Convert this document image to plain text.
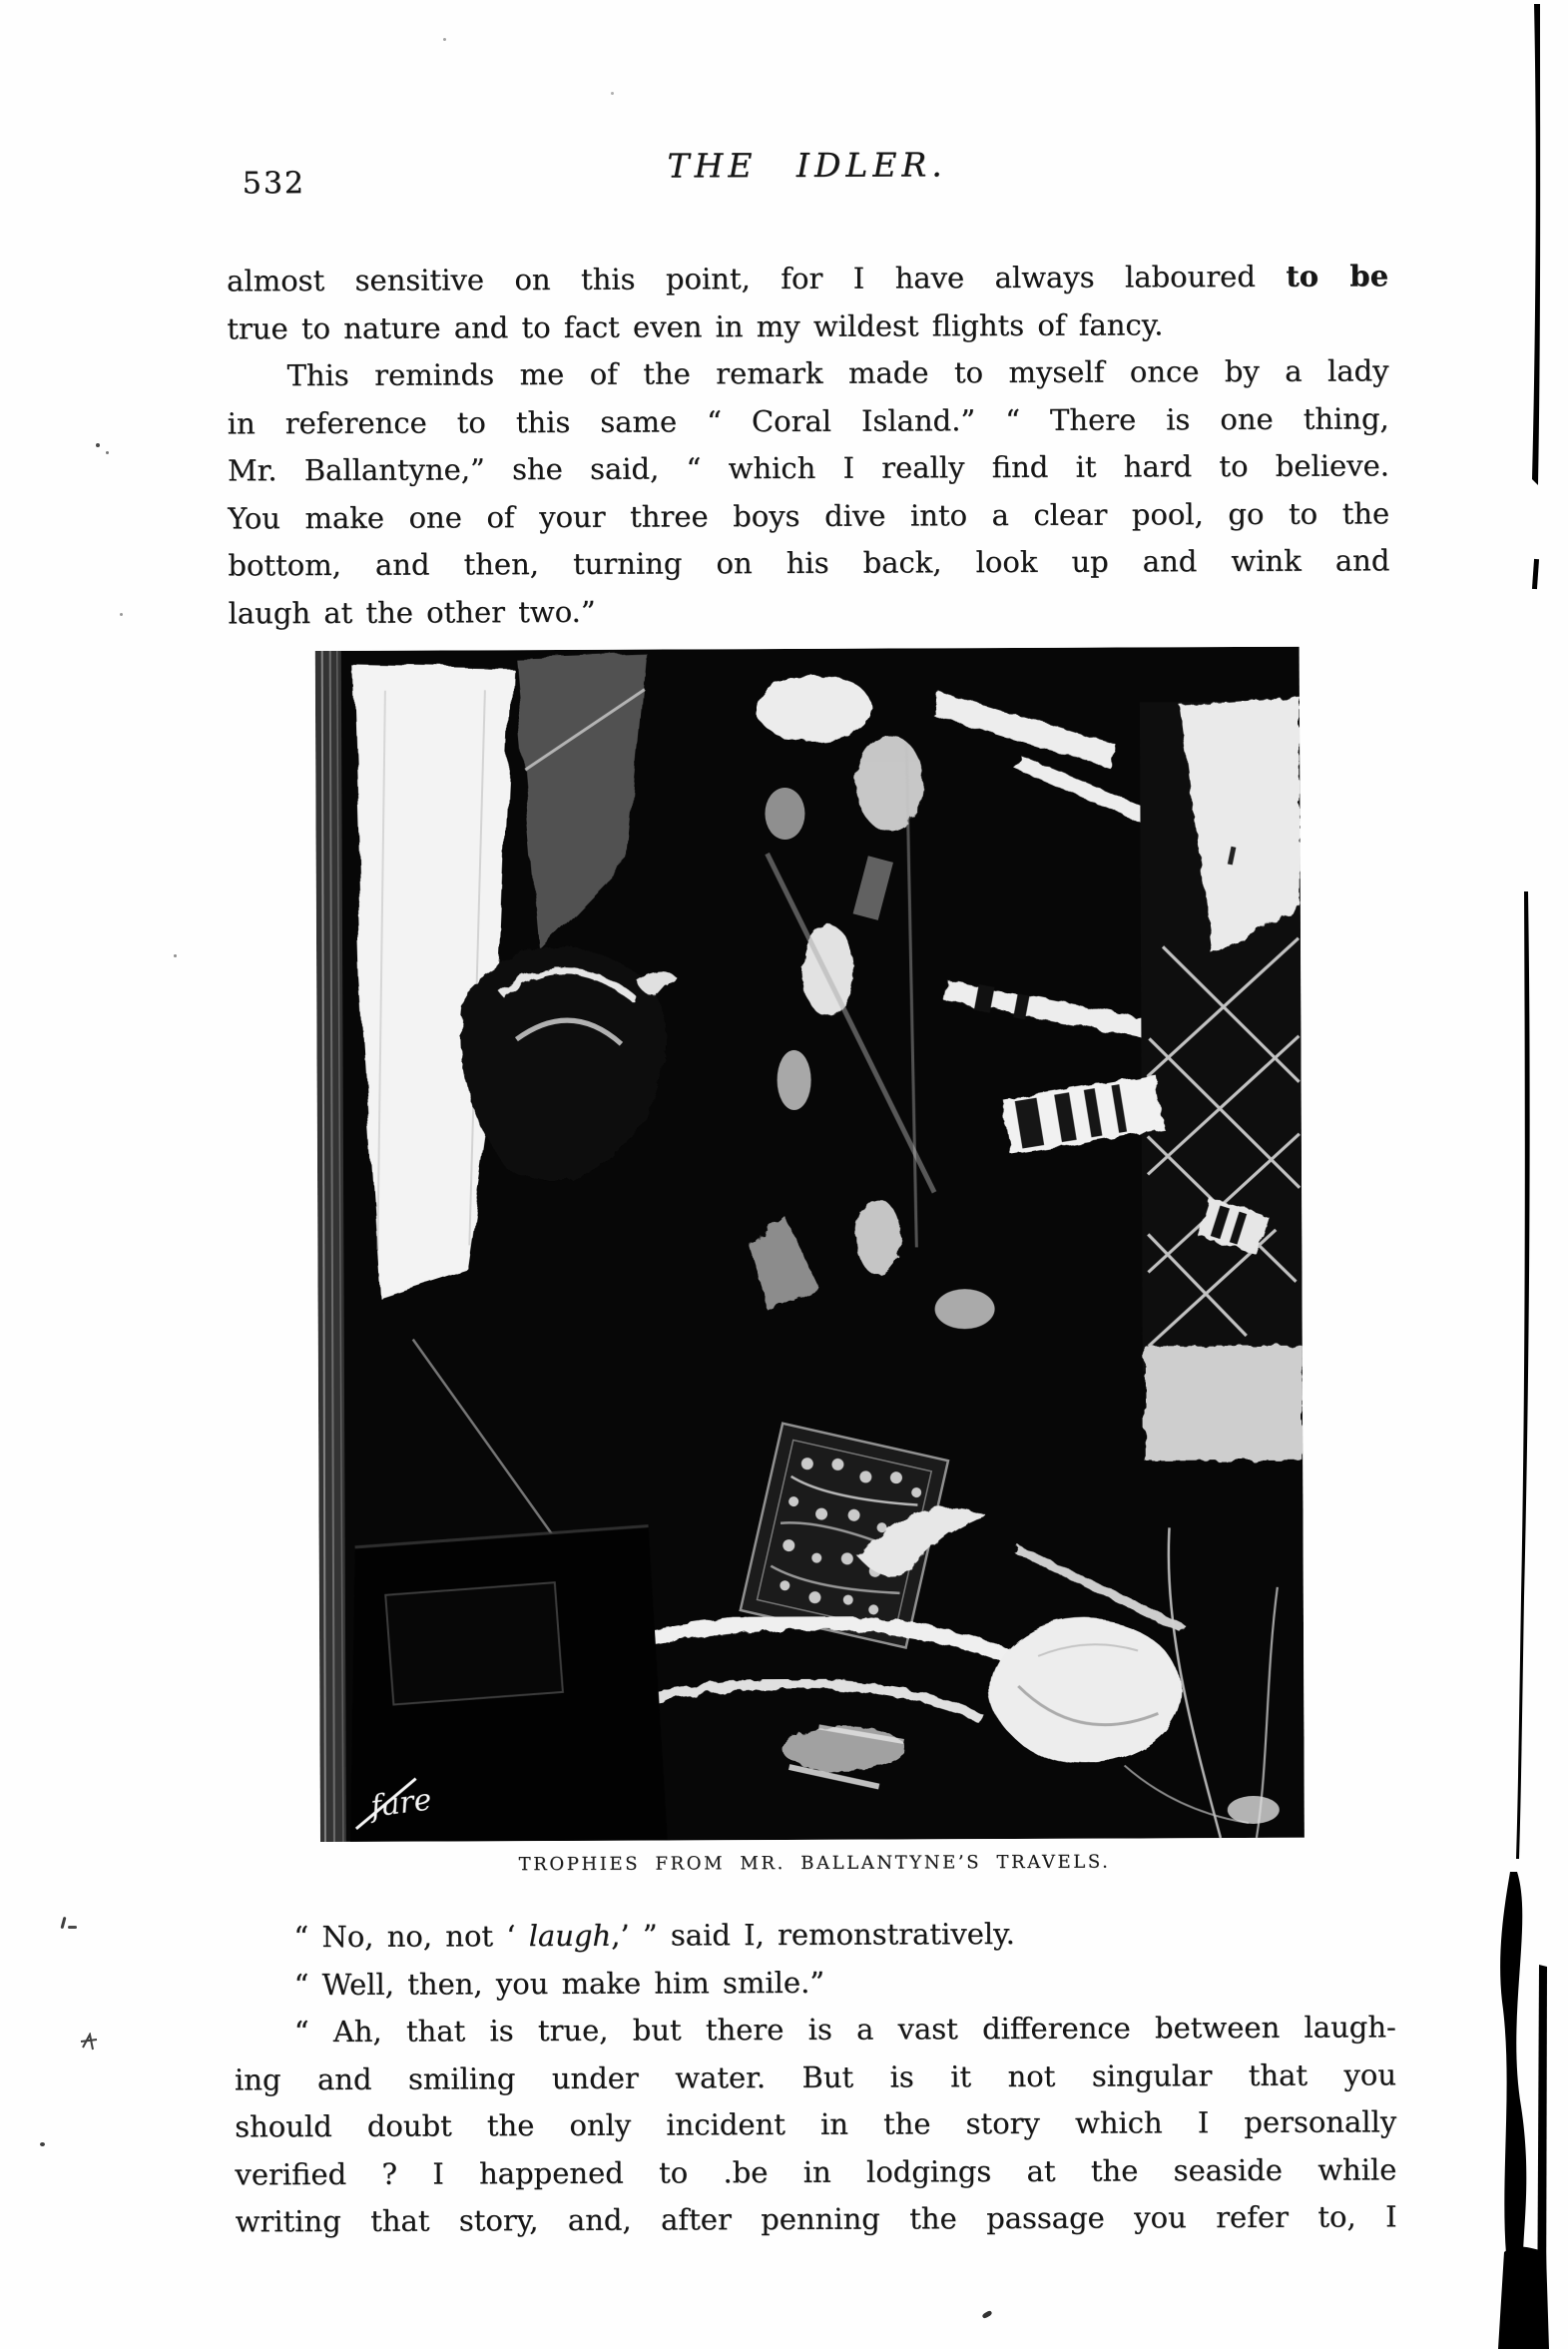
532	THE IDLER.
almost sensitive on this point, for I have always laboured to be
true to nature and to fact even in my wildest flights of fancy.
This reminds me of the remark made to myself once by a lady
in reference to this same “ Coral Island.” “ There is one thing,
Mr. Ballantyne,” she said, “ which I really find it hard to believe.
You make one of your three boys dive into a clear pool, go to the
bottom, and then, turning on his back, look up and wink and
laugh at the other two.”
fare
TROPHIES FROM MR. BALLANTYNE’S TRAVELS.
“ No, no, not ‘ laugh,’ ” said I, remonstratively.
“ Well, then, you make him smile.”
“ Ah, that is true, but there is a vast difference between laugh-
ing and smiling under water. But is it not singular that you
should doubt the only incident in the story which I personally
verified ? I happened to .be in lodgings at the seaside while
writing that story, and, after penning the passage you refer to, I
